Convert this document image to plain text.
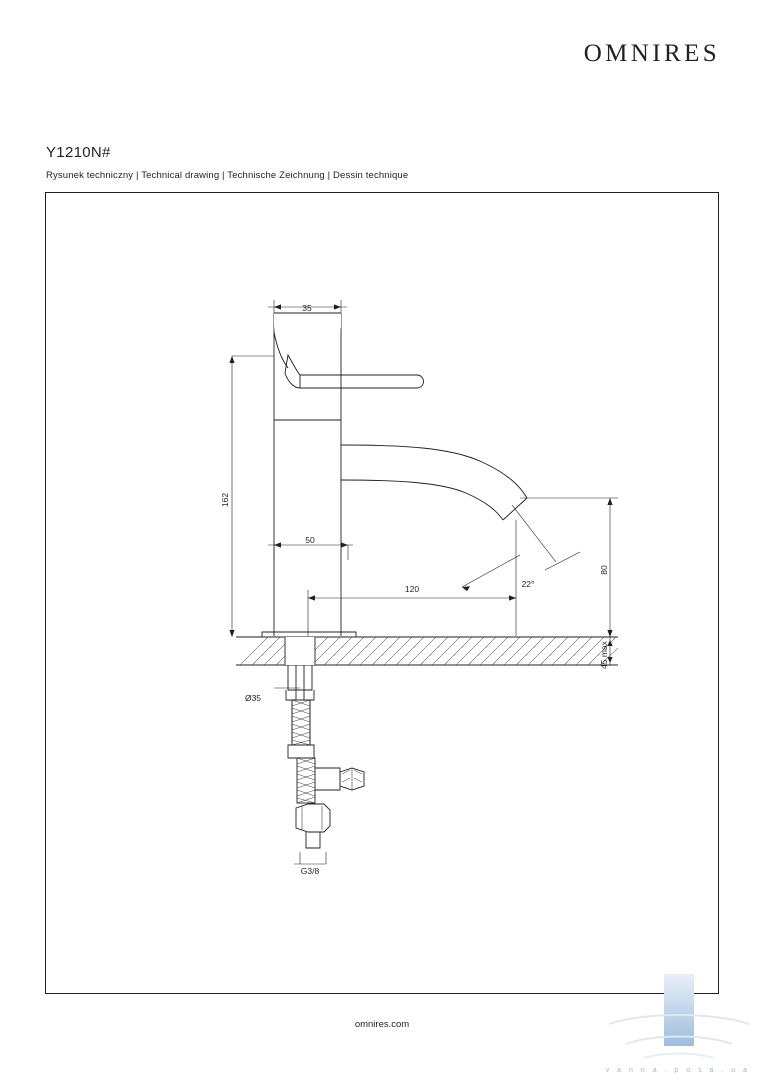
OMNIRES
Y1210N#
Rysunek techniczny | Technical drawing | Technische Zeichnung | Dessin technique
35
162
50
120
80
45 max
Ø35
G3/8
22°
omnires.com
v a n n a . p o s a . u a
